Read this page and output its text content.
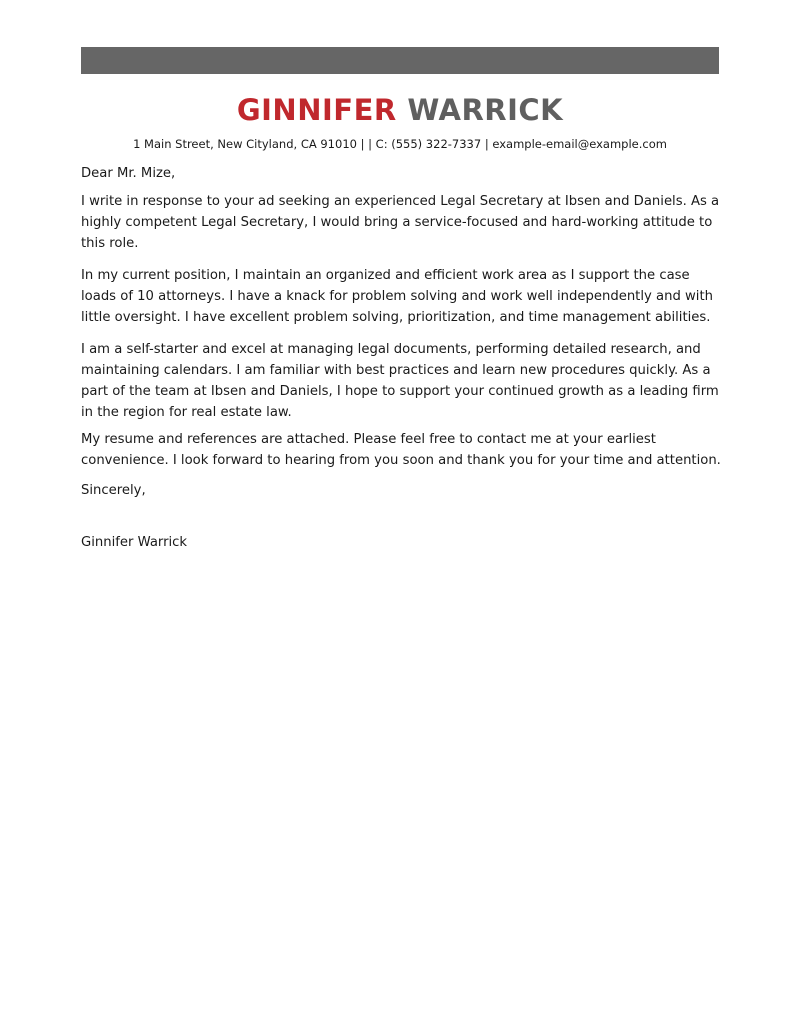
GINNIFER WARRICK
1 Main Street, New Cityland, CA 91010 | | C: (555) 322-7337 | example-email@example.com
Dear Mr. Mize,
I write in response to your ad seeking an experienced Legal Secretary at Ibsen and Daniels. As a
highly competent Legal Secretary, I would bring a service-focused and hard-working attitude to
this role.
In my current position, I maintain an organized and efficient work area as I support the case
loads of 10 attorneys. I have a knack for problem solving and work well independently and with
little oversight. I have excellent problem solving, prioritization, and time management abilities.
I am a self-starter and excel at managing legal documents, performing detailed research, and
maintaining calendars. I am familiar with best practices and learn new procedures quickly. As a
part of the team at Ibsen and Daniels, I hope to support your continued growth as a leading firm
in the region for real estate law.
My resume and references are attached. Please feel free to contact me at your earliest
convenience. I look forward to hearing from you soon and thank you for your time and attention.
Sincerely,
Ginnifer Warrick
